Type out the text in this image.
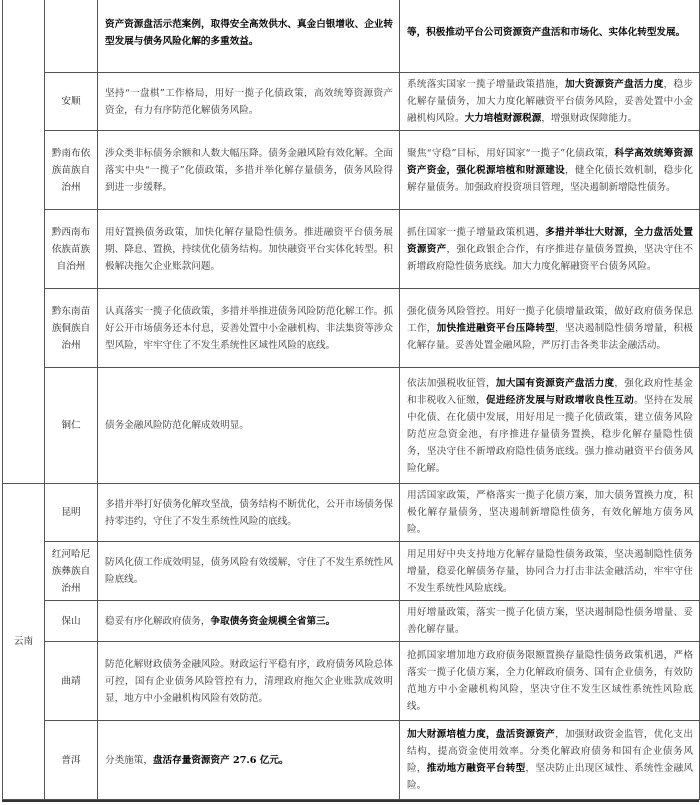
		资产资源盘活示范案例，取得安全高效供水、真金白银增收、企业转型发展与债务风险化解的多重效益。	等，积极推动平台公司资源资产盘活和市场化、实体化转型发展。
	安顺	坚持“一盘棋”工作格局，用好一揽子化债政策，高效统筹资源资产资金，有力有序防范化解债务风险。	系统落实国家一揽子增量政策措施，加大资源资产盘活力度，稳步化解存量债务，加大力度化解融资平台债务风险，妥善处置中小金融机构风险。大力培植财源税源，增强财政保障能力。
	黔南布依族苗族自治州	涉众类非标债务余额和人数大幅压降。债务金融风险有效化解。全面落实中央“一揽子”化债政策，多措并举化解存量债务，债务风险得到进一步缓释。	聚焦“守稳”目标，用好国家“一揽子”化债政策，科学高效统筹资源资产资金，强化税源培植和财源建设，健全化债长效机制，稳步化解存量债务。加强政府投资项目管理，坚决遏制新增隐性债务。
	黔西南布依族苗族自治州	用好置换债务政策，加快化解存量隐性债务。推进融资平台债务展期、降息、置换，持续优化债务结构。加快融资平台实体化转型。积极解决拖欠企业账款问题。	抓住国家一揽子增量政策机遇，多措并举壮大财源，全力盘活处置资源资产，强化政银企合作，有序推进存量债务置换，坚决守住不新增政府隐性债务底线。加大力度化解融资平台债务风险。
	黔东南苗族侗族自治州	认真落实一揽子化债政策，多措并举推进债务风险防范化解工作。抓好公开市场债务还本付息，妥善处置中小金融机构、非法集资等涉众型风险，牢牢守住了不发生系统性区域性风险的底线。	强化债务风险管控。用好一揽子化债增量政策，做好政府债务保息工作，加快推进融资平台压降转型，坚决遏制隐性债务增量，积极化解存量。妥善处置金融风险，严厉打击各类非法金融活动。
	铜仁	债务金融风险防范化解成效明显。	依法加强税收征管，加大国有资源资产盘活力度，强化政府性基金和非税收入征缴，促进经济发展与财政增收良性互动。坚持在发展中化债、在化债中发展，用好用足一揽子化债政策，建立债务风险防范应急资金池，有序推进存量债务置换，稳步化解存量隐性债务，坚决守住不新增政府隐性债务底线。强力推动融资平台债务风险化解。
云南	昆明	多措并举打好债务化解攻坚战，债务结构不断优化，公开市场债务保持零违约，守住了不发生系统性风险的底线。	用活国家政策，严格落实一揽子化债方案，加大债务置换力度，积极化解存量债务，坚决遏制新增隐性债务，有效化解地方债务风险。
	红河哈尼族彝族自治州	防风化债工作成效明显，债务风险有效缓解，守住了不发生系统性风险底线。	用足用好中央支持地方化解存量隐性债务政策，坚决遏制隐性债务增量，稳妥化解债务存量，协同合力打击非法金融活动，牢牢守住不发生系统性风险底线。
	保山	稳妥有序化解政府债务，争取债务资金规模全省第三。	用好增量政策，落实一揽子化债方案，坚决遏制隐性债务增量、妥善化解存量。
	曲靖	防范化解财政债务金融风险。财政运行平稳有序，政府债务风险总体可控，国有企业债务风险管控有力，清理政府拖欠企业账款成效明显，地方中小金融机构风险有效防范。	抢抓国家增加地方政府债务限额置换存量隐性债务政策机遇，严格落实一揽子化债方案，全力化解政府债务、国有企业债务，有效防范地方中小金融机构风险，坚决守住不发生区域性系统性风险底线。
	普洱	分类施策，盘活存量资源资产 27.6 亿元。	加大财源培植力度，盘活资源资产，加强财政资金监管，优化支出结构，提高资金使用效率。分类化解政府债务和国有企业债务风险，推动地方融资平台转型，坚决防止出现区域性、系统性金融风险。
